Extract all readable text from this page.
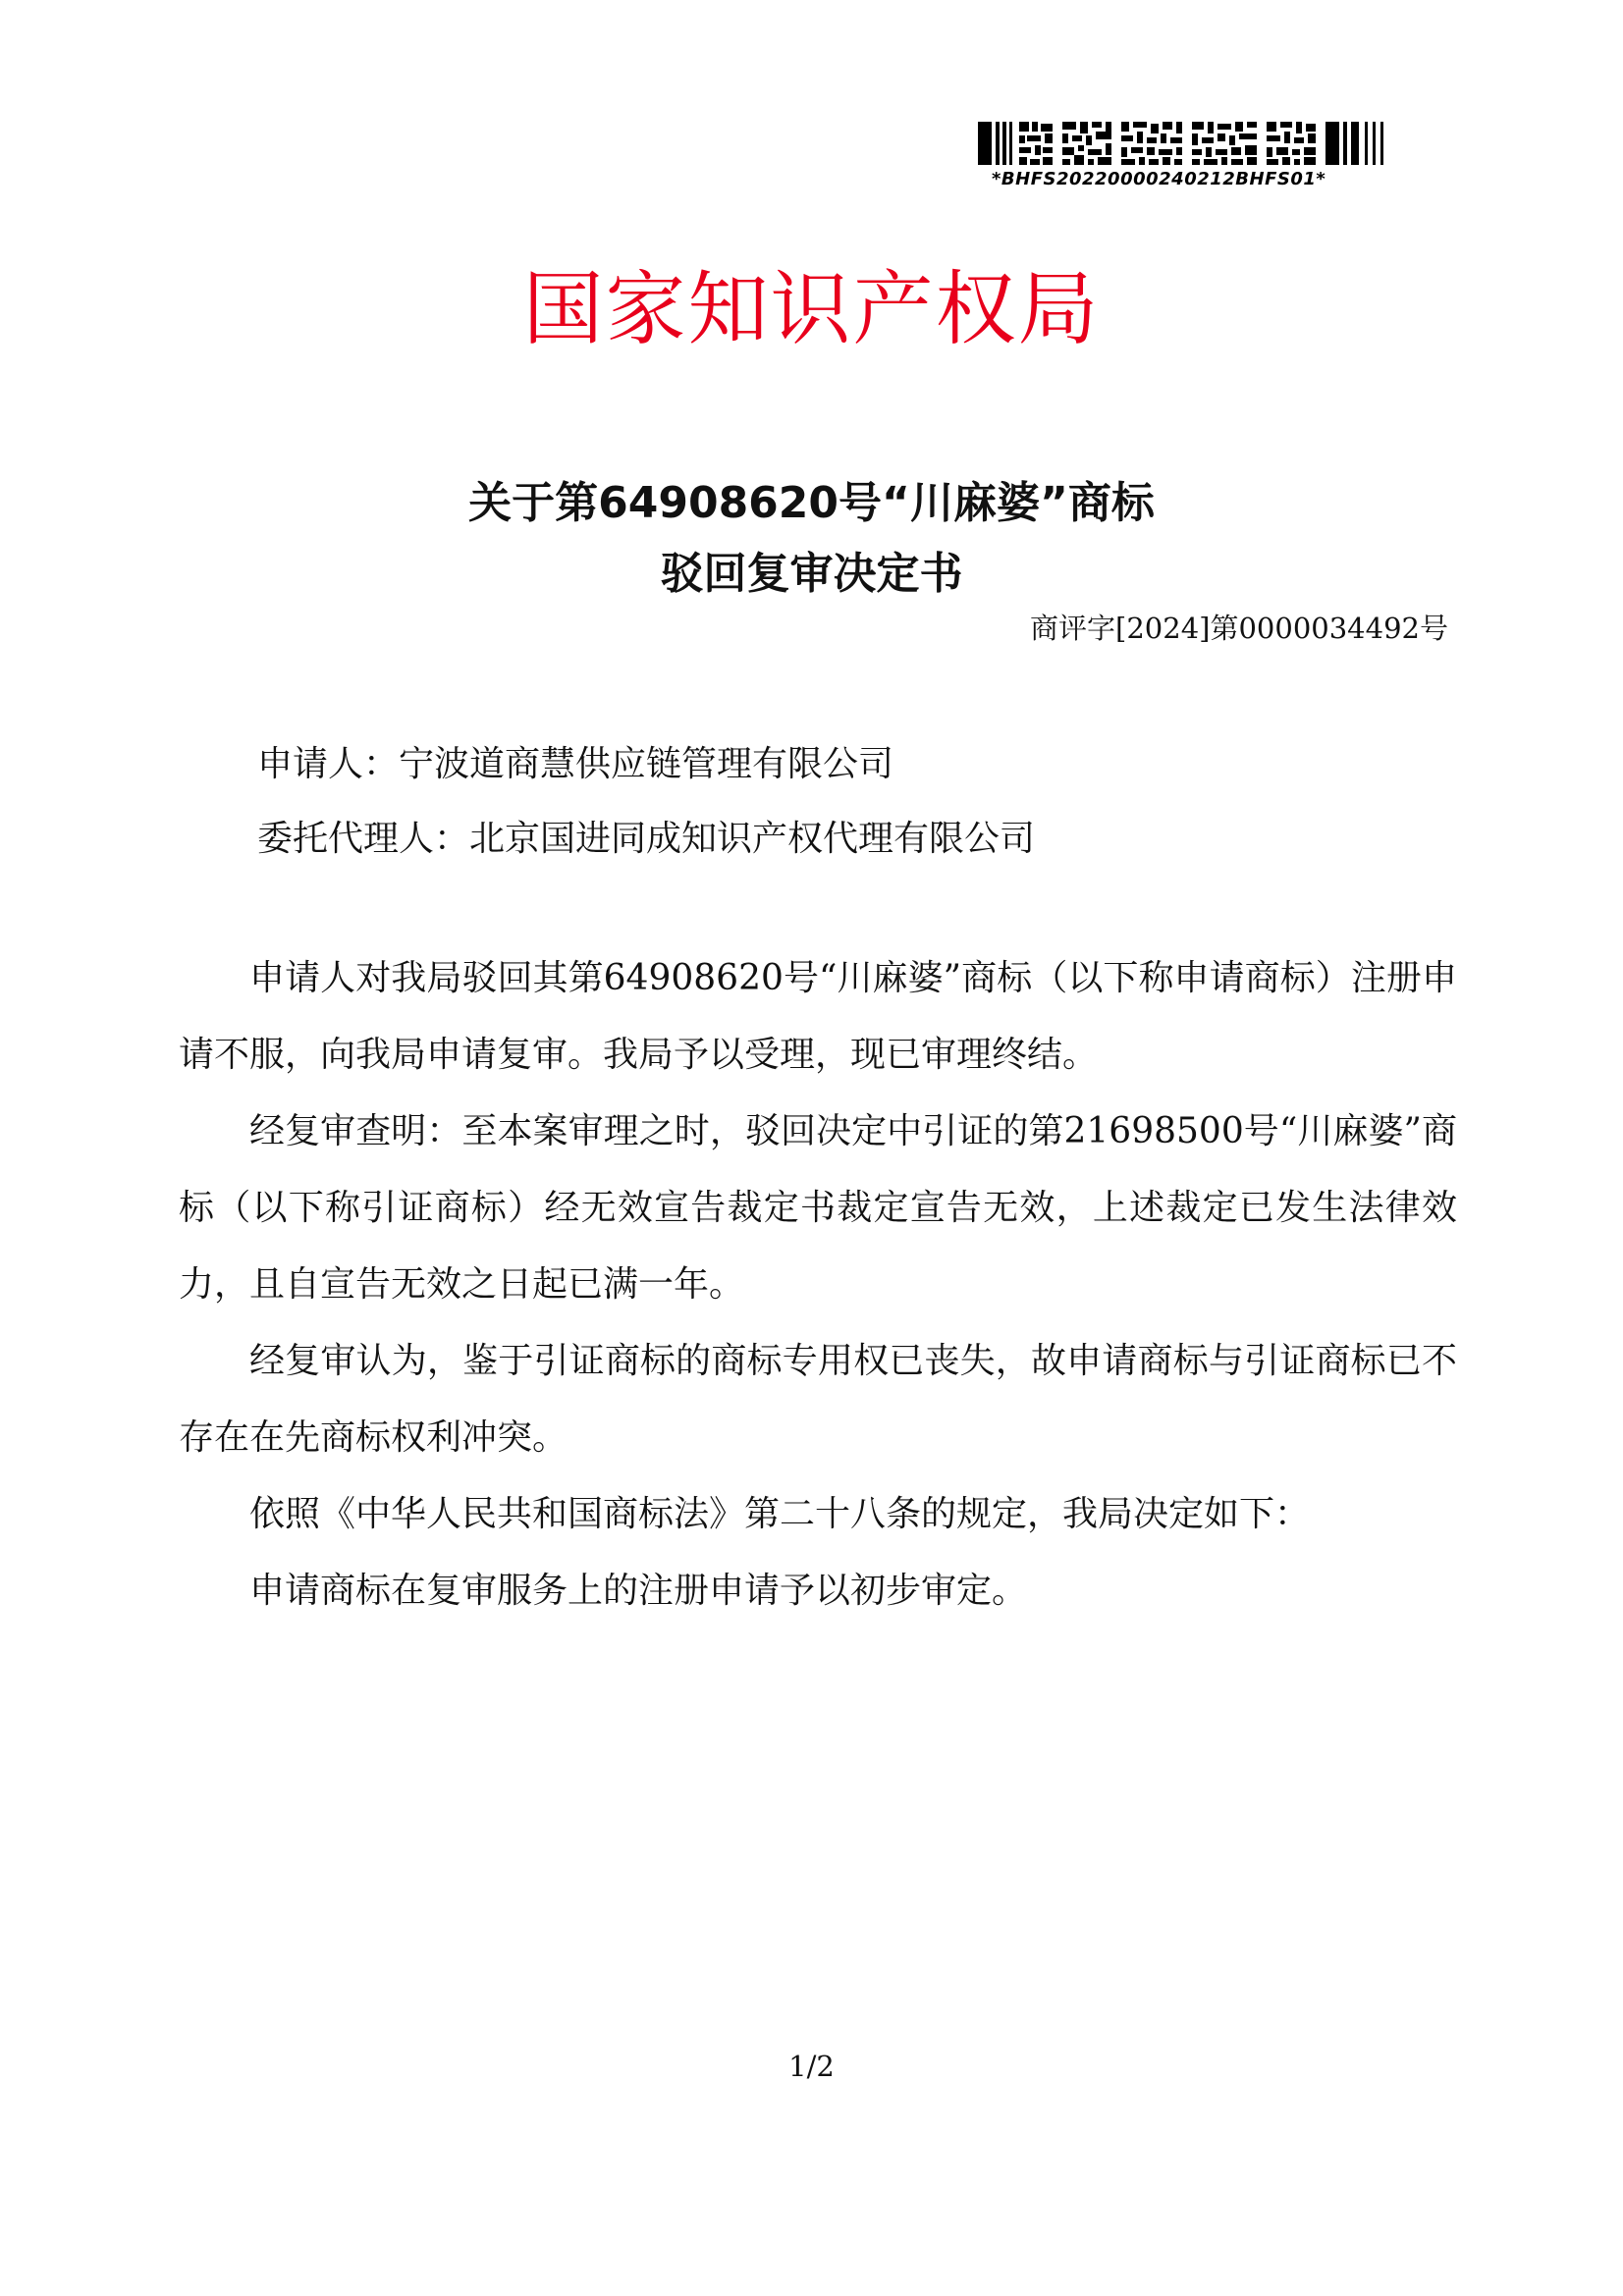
*BHFS20220000240212BHFS01*
国家知识产权局
关于第64908620号“川麻婆”商标
驳回复审决定书
商评字[2024]第0000034492号
申请人：宁波道商慧供应链管理有限公司
委托代理人：北京国进同成知识产权代理有限公司

申请人对我局驳回其第64908620号“川麻婆”商标（以下称申请商标）注册申请不服，向我局申请复审。我局予以受理，现已审理终结。

经复审查明：至本案审理之时，驳回决定中引证的第21698500号“川麻婆”商标（以下称引证商标）经无效宣告裁定书裁定宣告无效，上述裁定已发生法律效力，且自宣告无效之日起已满一年。

经复审认为，鉴于引证商标的商标专用权已丧失，故申请商标与引证商标已不存在在先商标权利冲突。

依照《中华人民共和国商标法》第二十八条的规定，我局决定如下：

申请商标在复审服务上的注册申请予以初步审定。

1/2
